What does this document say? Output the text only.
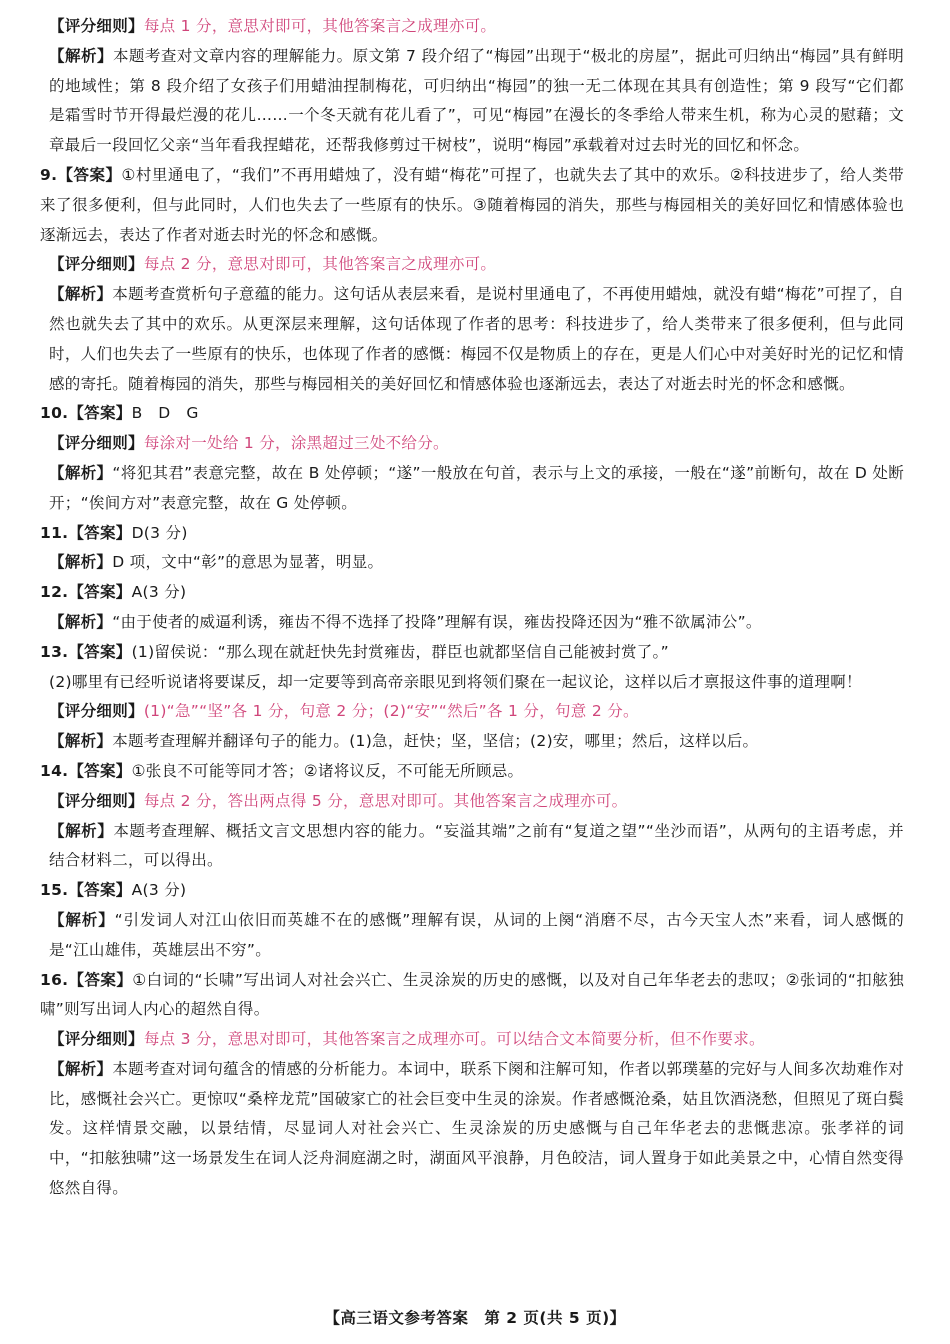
【评分细则】每点 1 分，意思对即可，其他答案言之成理亦可。

【解析】本题考查对文章内容的理解能力。原文第 7 段介绍了“梅园”出现于“极北的房屋”，据此可归纳出“梅园”具有鲜明的地域性；第 8 段介绍了女孩子们用蜡油捏制梅花，可归纳出“梅园”的独一无二体现在其具有创造性；第 9 段写“它们都是霜雪时节开得最烂漫的花儿……一个冬天就有花儿看了”，可见“梅园”在漫长的冬季给人带来生机，称为心灵的慰藉；文章最后一段回忆父亲“当年看我捏蜡花，还帮我修剪过干树枝”，说明“梅园”承载着对过去时光的回忆和怀念。

9.【答案】①村里通电了，“我们”不再用蜡烛了，没有蜡“梅花”可捏了，也就失去了其中的欢乐。②科技进步了，给人类带来了很多便利，但与此同时，人们也失去了一些原有的快乐。③随着梅园的消失，那些与梅园相关的美好回忆和情感体验也逐渐远去，表达了作者对逝去时光的怀念和感慨。

【评分细则】每点 2 分，意思对即可，其他答案言之成理亦可。

【解析】本题考查赏析句子意蕴的能力。这句话从表层来看，是说村里通电了，不再使用蜡烛，就没有蜡“梅花”可捏了，自然也就失去了其中的欢乐。从更深层来理解，这句话体现了作者的思考：科技进步了，给人类带来了很多便利，但与此同时，人们也失去了一些原有的快乐，也体现了作者的感慨：梅园不仅是物质上的存在，更是人们心中对美好时光的记忆和情感的寄托。随着梅园的消失，那些与梅园相关的美好回忆和情感体验也逐渐远去，表达了对逝去时光的怀念和感慨。

10.【答案】B　D　G

【评分细则】每涂对一处给 1 分，涂黑超过三处不给分。

【解析】“将犯其君”表意完整，故在 B 处停顿；“遂”一般放在句首，表示与上文的承接，一般在“遂”前断句，故在 D 处断开；“俟间方对”表意完整，故在 G 处停顿。

11.【答案】D(3 分)

【解析】D 项，文中“彰”的意思为显著，明显。

12.【答案】A(3 分)

【解析】“由于使者的威逼利诱，雍齿不得不选择了投降”理解有误，雍齿投降还因为“雅不欲属沛公”。

13.【答案】(1)留侯说：“那么现在就赶快先封赏雍齿，群臣也就都坚信自己能被封赏了。”

(2)哪里有已经听说诸将要谋反，却一定要等到高帝亲眼见到将领们聚在一起议论，这样以后才禀报这件事的道理啊！

【评分细则】(1)“急”“坚”各 1 分，句意 2 分；(2)“安”“然后”各 1 分，句意 2 分。

【解析】本题考查理解并翻译句子的能力。(1)急，赶快；坚，坚信；(2)安，哪里；然后，这样以后。

14.【答案】①张良不可能等同才答；②诸将议反，不可能无所顾忌。

【评分细则】每点 2 分，答出两点得 5 分，意思对即可。其他答案言之成理亦可。

【解析】本题考查理解、概括文言文思想内容的能力。“妄溢其端”之前有“复道之望”“坐沙而语”，从两句的主语考虑，并结合材料二，可以得出。

15.【答案】A(3 分)

【解析】“引发词人对江山依旧而英雄不在的感慨”理解有误，从词的上阕“消磨不尽，古今天宝人杰”来看，词人感慨的是“江山雄伟，英雄层出不穷”。

16.【答案】①白词的“长啸”写出词人对社会兴亡、生灵涂炭的历史的感慨，以及对自己年华老去的悲叹；②张词的“扣舷独啸”则写出词人内心的超然自得。

【评分细则】每点 3 分，意思对即可，其他答案言之成理亦可。可以结合文本简要分析，但不作要求。

【解析】本题考查对词句蕴含的情感的分析能力。本词中，联系下阕和注解可知，作者以郭璞墓的完好与人间多次劫难作对比，感慨社会兴亡。更惊叹“桑梓龙荒”国破家亡的社会巨变中生灵的涂炭。作者感慨沧桑，姑且饮酒浇愁，但照见了斑白鬓发。这样情景交融，以景结情，尽显词人对社会兴亡、生灵涂炭的历史感慨与自己年华老去的悲慨悲凉。张孝祥的词中，“扣舷独啸”这一场景发生在词人泛舟洞庭湖之时，湖面风平浪静，月色皎洁，词人置身于如此美景之中，心情自然变得悠然自得。

【高三语文参考答案　第 2 页(共 5 页)】
